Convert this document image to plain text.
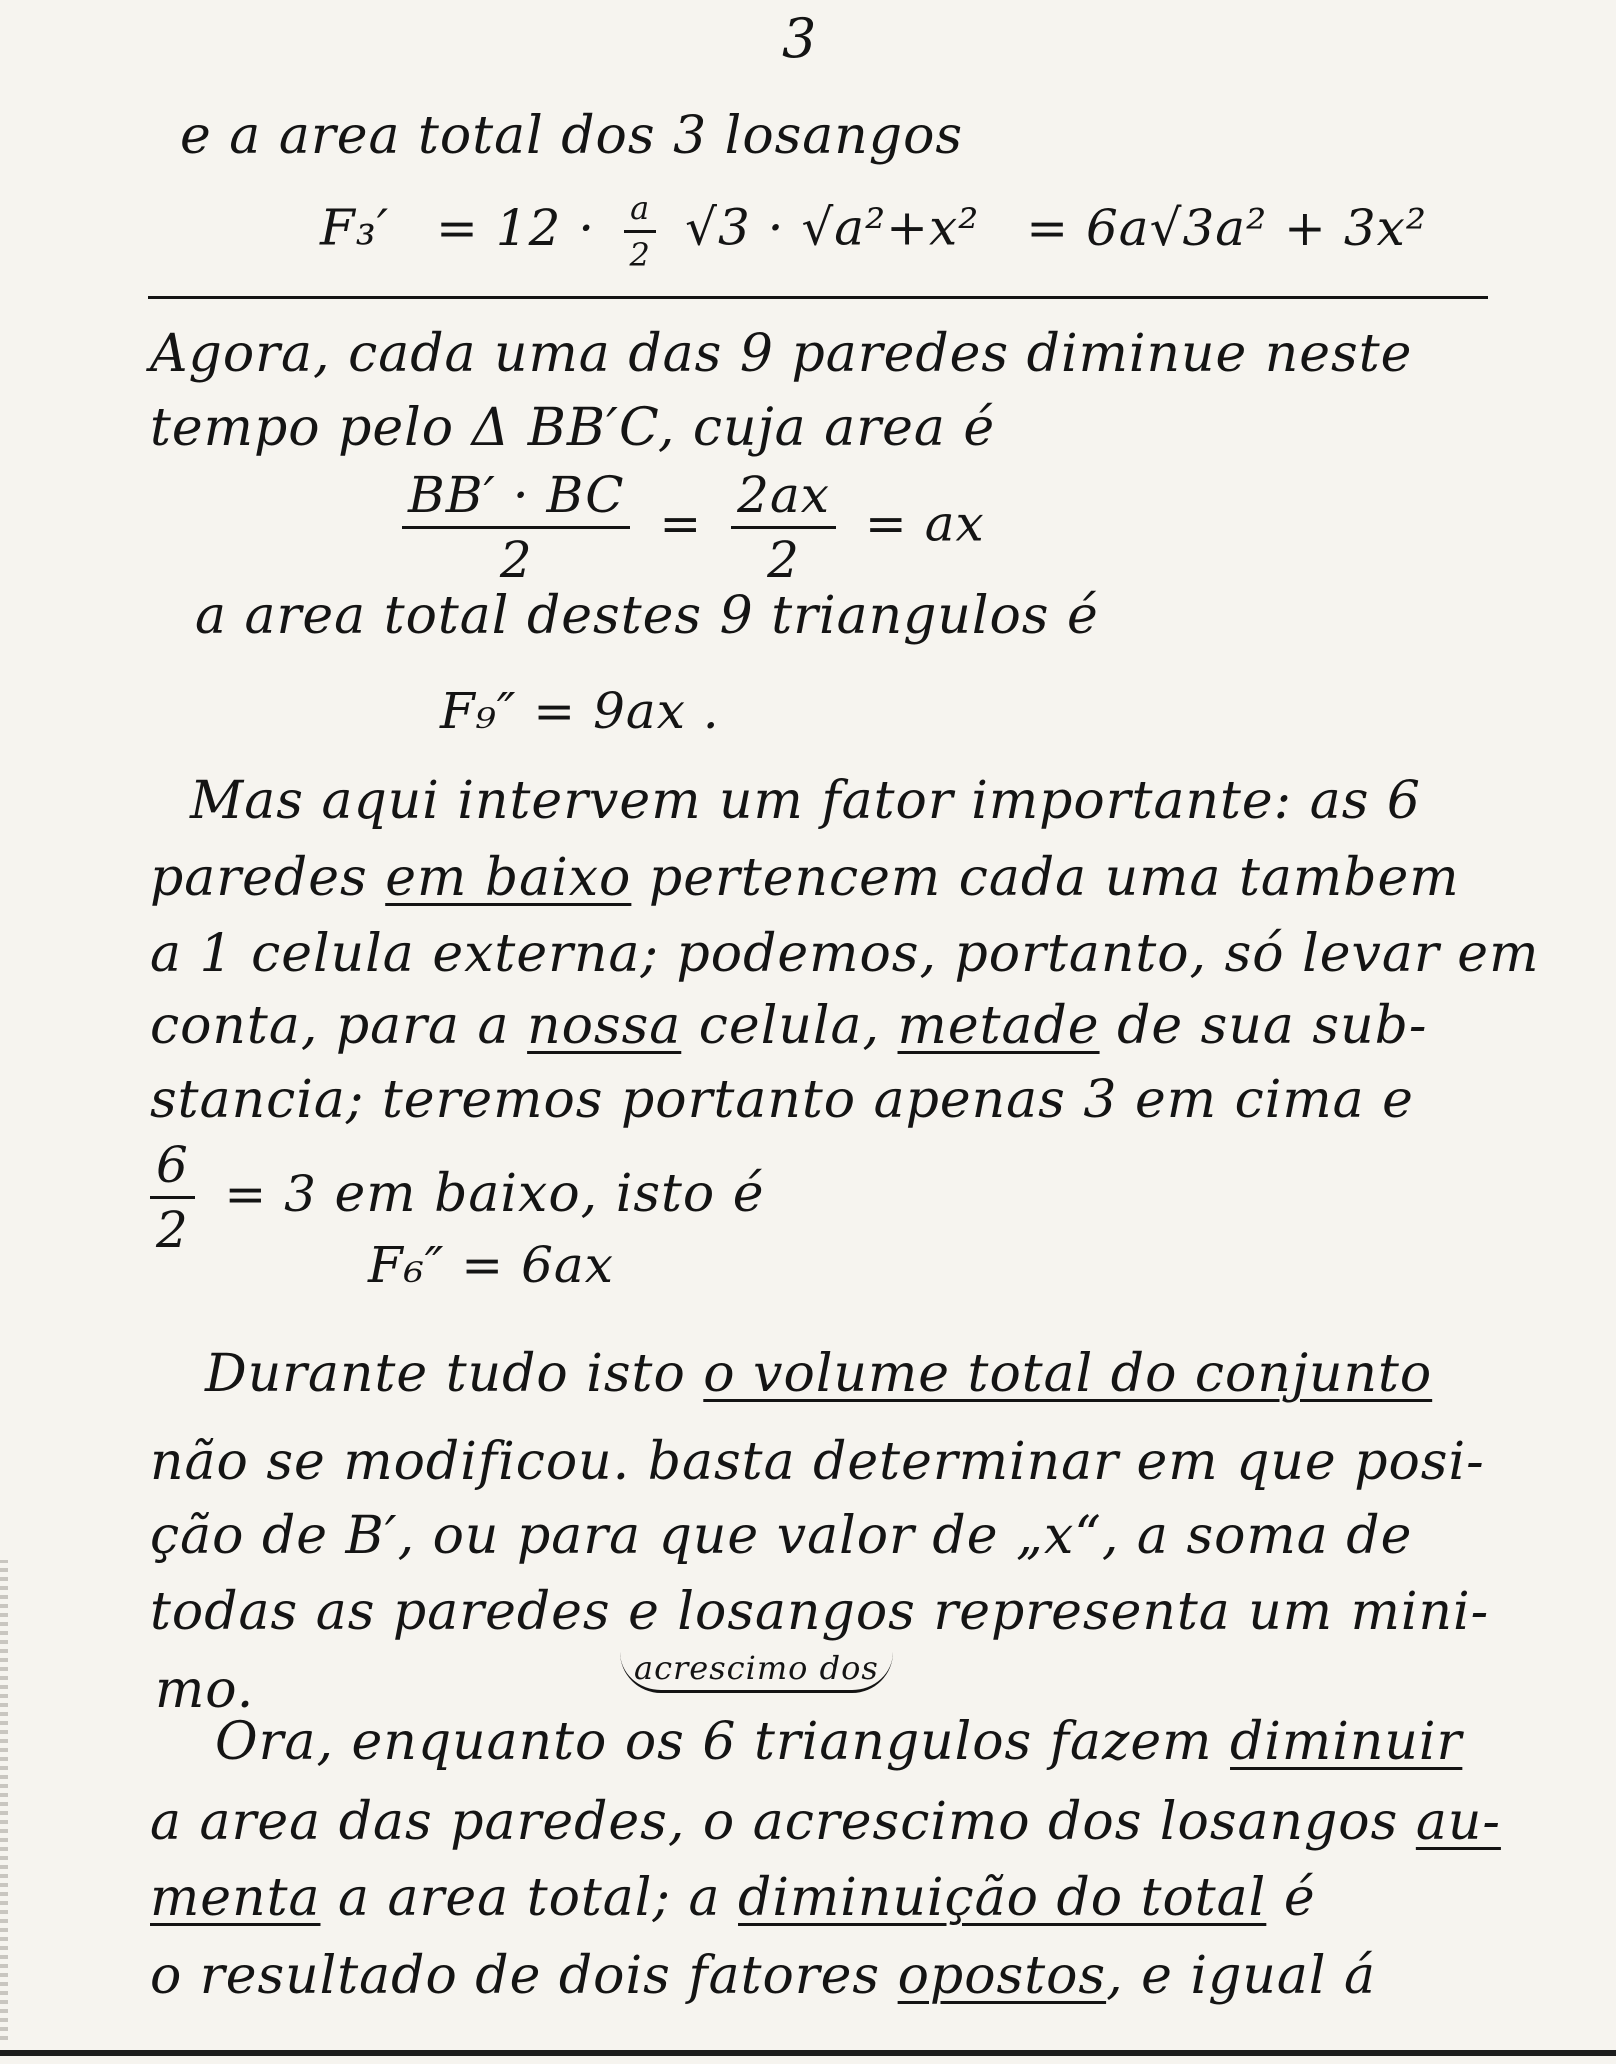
3
e a area total dos 3 losangos
$F_3' = 12 \cdot \frac{a}{2} √3 \cdot √a^2+x^2 = 6a√3a^2 + 3x^2$
Agora, cada uma das 9 paredes diminue neste
tempo pelo Δ BB′C, cuja area é
$\frac{BB' \cdot BC}{2} = \frac{2ax}{2}$ = ax
a area total destes 9 triangulos é
F₉″ = 9ax .
Mas aqui intervem um fator importante: as 6
paredes em baixo pertencem cada uma tambem
a 1 celula externa; podemos, portanto, só levar em
conta, para a nossa celula, metade de sua sub-
stancia; teremos portanto apenas 3 em cima e
$\frac{6}{2} = 3$ em baixo, isto é
F₆″ = 6ax
Durante tudo isto o volume total do conjunto
não se modificou. basta determinar em que posi-
ção de B′, ou para que valor de „x“, a soma de
todas as paredes e losangos representa um mini-
mo.	acrescimo dos
Ora, enquanto os 6 triangulos fazem diminuir
a area das paredes, o acrescimo dos losangos au-
menta a area total; a diminuição do total é
o resultado de dois fatores opostos, e igual á
